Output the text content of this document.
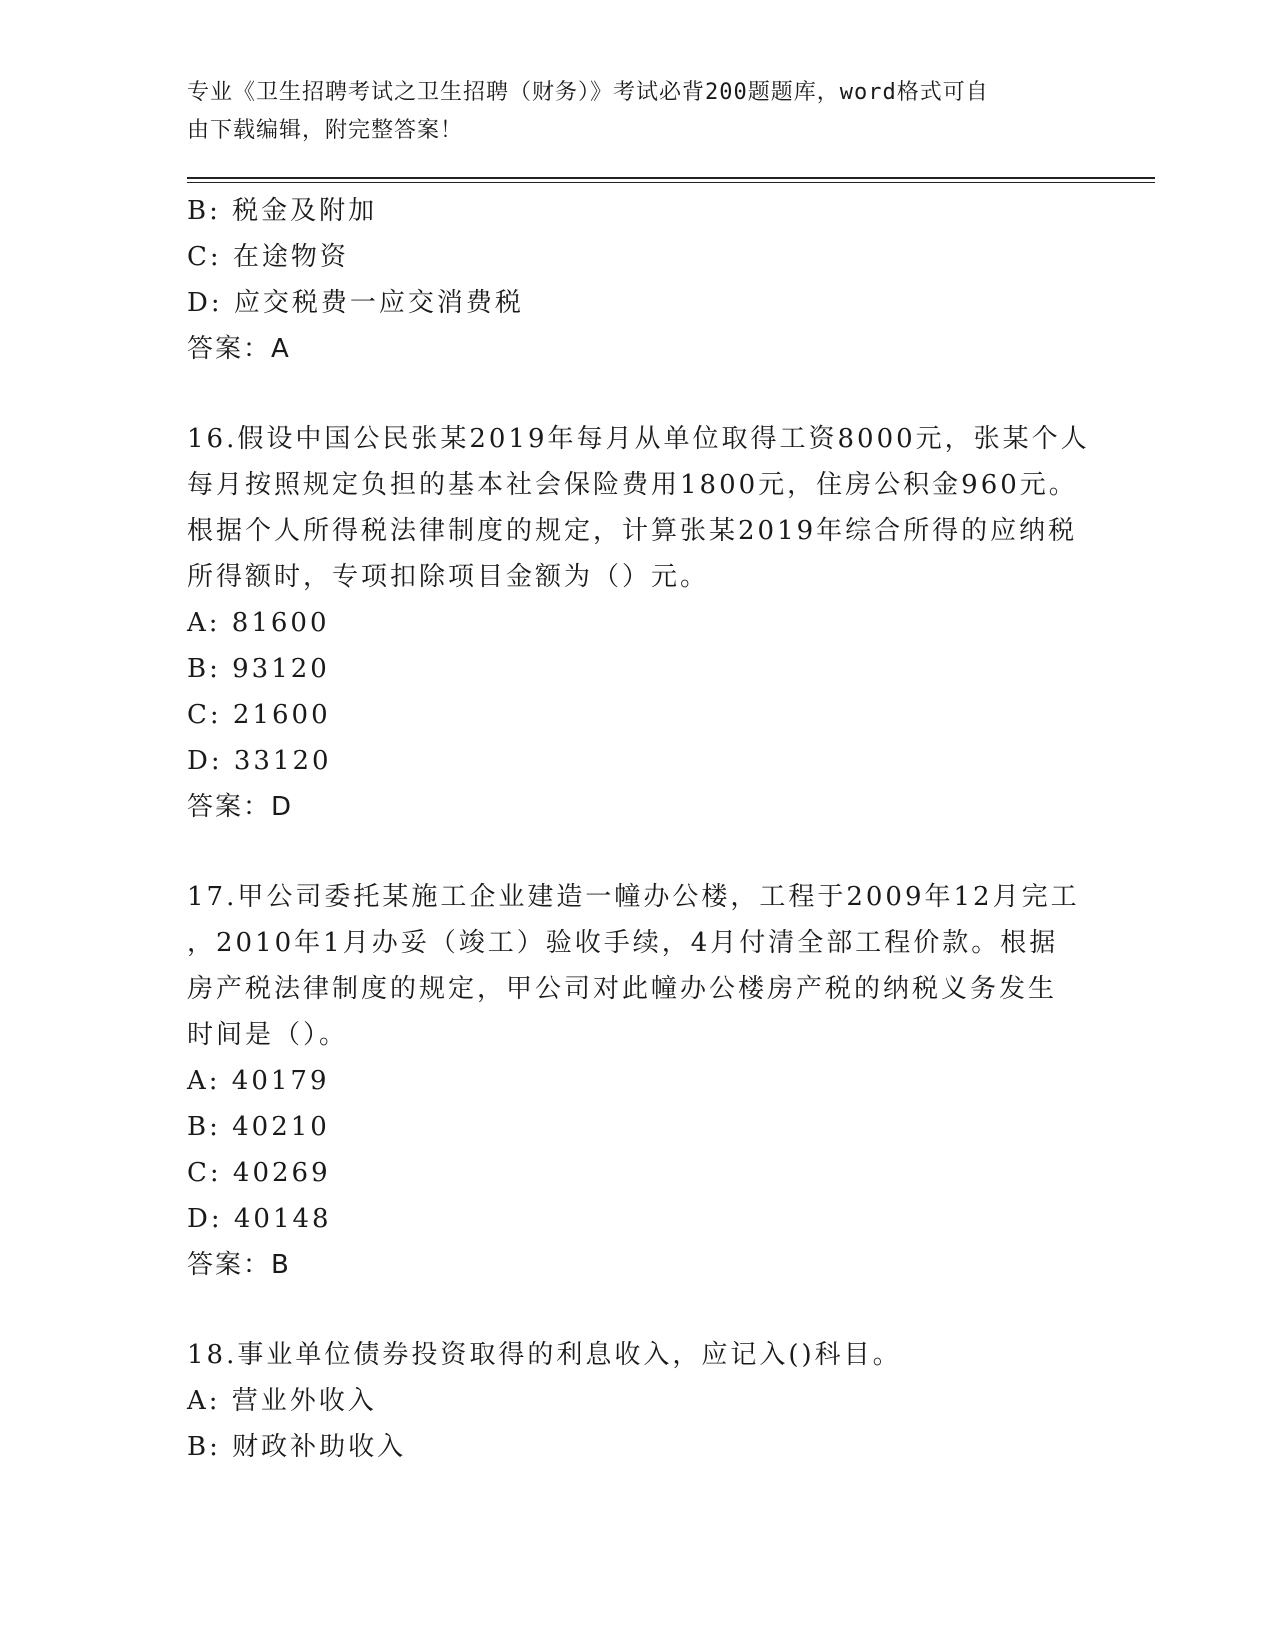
专业《卫生招聘考试之卫生招聘（财务）》考试必背200题题库，word格式可自
由下载编辑，附完整答案！
B: 税金及附加
C: 在途物资
D: 应交税费一应交消费税
答案：A
16.假设中国公民张某2019年每月从单位取得工资8000元，张某个人
每月按照规定负担的基本社会保险费用1800元，住房公积金960元。
根据个人所得税法律制度的规定，计算张某2019年综合所得的应纳税
所得额时，专项扣除项目金额为（）元。
A: 81600
B: 93120
C: 21600
D: 33120
答案：D
17.甲公司委托某施工企业建造一幢办公楼，工程于2009年12月完工
，2010年1月办妥（竣工）验收手续，4月付清全部工程价款。根据
房产税法律制度的规定，甲公司对此幢办公楼房产税的纳税义务发生
时间是（）。
A: 40179
B: 40210
C: 40269
D: 40148
答案：B
18.事业单位债券投资取得的利息收入，应记入()科目。
A: 营业外收入
B: 财政补助收入
